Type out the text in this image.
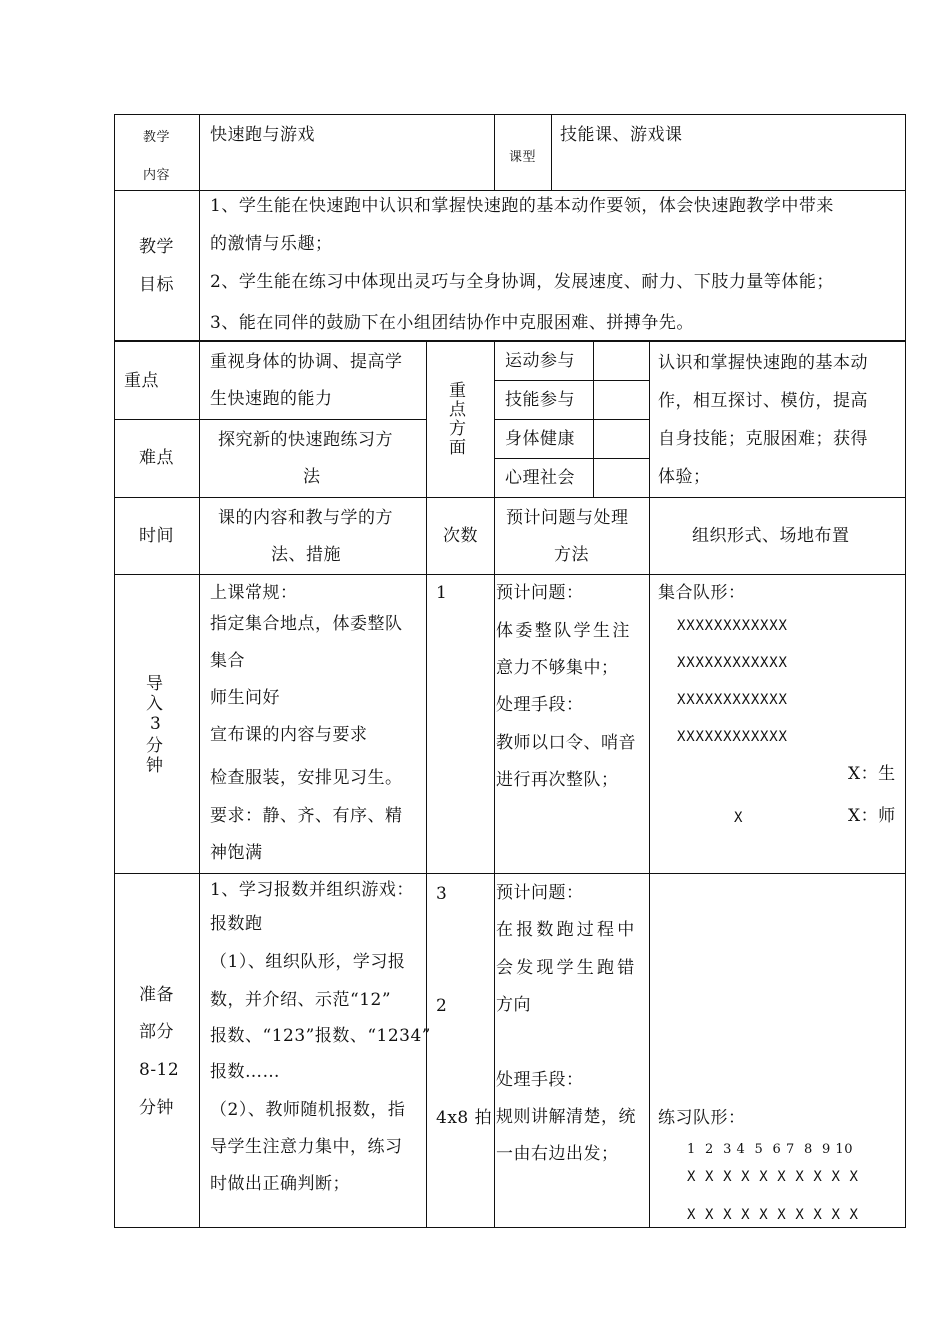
教学
内容
快速跑与游戏
课型
技能课、游戏课
教学
目标
1、学生能在快速跑中认识和掌握快速跑的基本动作要领，体会快速跑教学中带来
的激情与乐趣；
2、学生能在练习中体现出灵巧与全身协调，发展速度、耐力、下肢力量等体能；
3、能在同伴的鼓励下在小组团结协作中克服困难、拼搏争先。
重点
重视身体的协调、提高学
生快速跑的能力
难点
探究新的快速跑练习方
法
重
点
方
面
运动参与
技能参与
身体健康
心理社会
认识和掌握快速跑的基本动
作，相互探讨、模仿，提高
自身技能；克服困难；获得
体验；
时间
课的内容和教与学的方
法、措施
次数
预计问题与处理
方法
组织形式、场地布置
导
入
3
分
钟
上课常规：
指定集合地点，体委整队
集合
师生问好
宣布课的内容与要求
检查服装，安排见习生。
要求：静、齐、有序、精
神饱满
1	预计问题：
体委整队学生注
意力不够集中；
处理手段：
教师以口令、哨音
进行再次整队；
集合队形：
XXXXXXXXXXXX
XXXXXXXXXXXX
XXXXXXXXXXXX
XXXXXXXXXXXX
X：生
X	X：师
准备
部分
8-12
分钟
1、学习报数并组织游戏：
报数跑
（1）、组织队形，学习报
数，并介绍、示范“12”
报数、“123”报数、“1234”
报数……
（2）、教师随机报数，指
导学生注意力集中，练习
时做出正确判断；
3
2
4x8 拍
预计问题：
在报数跑过程中
会发现学生跑错
方向
处理手段：
规则讲解清楚，统
一由右边出发；
练习队形：
1  2  3 4  5  6 7  8  9 10
X X X X X X X X X X
X X X X X X X X X X
